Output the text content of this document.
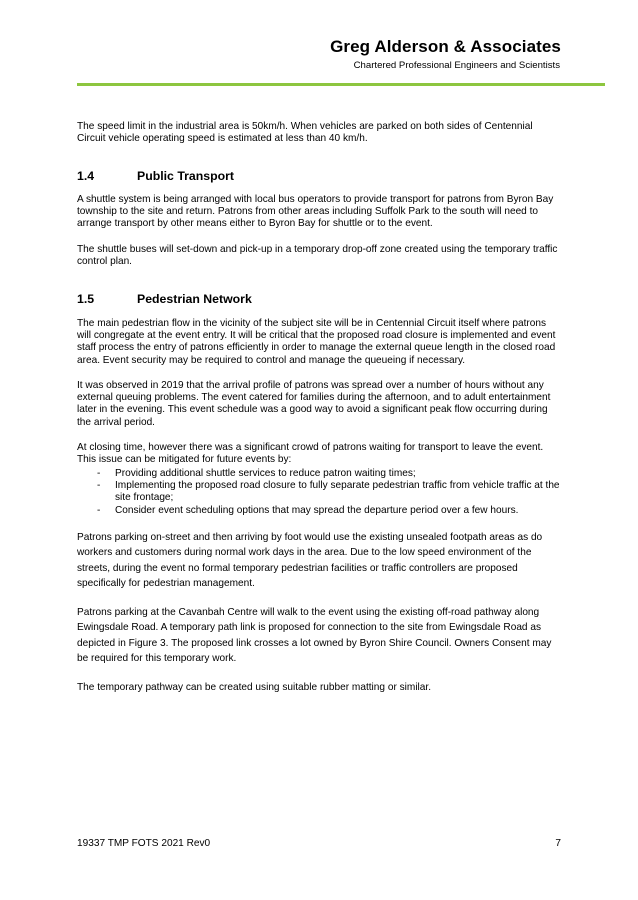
Greg Alderson & Associates
Chartered Professional Engineers and Scientists

The speed limit in the industrial area is 50km/h. When vehicles are parked on both sides of Centennial Circuit vehicle operating speed is estimated at less than 40 km/h.

1.4	Public Transport

A shuttle system is being arranged with local bus operators to provide transport for patrons from Byron Bay township to the site and return. Patrons from other areas including Suffolk Park to the south will need to arrange transport by other means either to Byron Bay for shuttle or to the event.

The shuttle buses will set-down and pick-up in a temporary drop-off zone created using the temporary traffic control plan.

1.5	Pedestrian Network

The main pedestrian flow in the vicinity of the subject site will be in Centennial Circuit itself where patrons will congregate at the event entry. It will be critical that the proposed road closure is implemented and event staff process the entry of patrons efficiently in order to manage the external queue length in the closed road area. Event security may be required to control and manage the queueing if necessary.

It was observed in 2019 that the arrival profile of patrons was spread over a number of hours without any external queuing problems. The event catered for families during the afternoon, and to adult entertainment later in the evening. This event schedule was a good way to avoid a significant peak flow occurring during the arrival period.

At closing time, however there was a significant crowd of patrons waiting for transport to leave the event. This issue can be mitigated for future events by:

- Providing additional shuttle services to reduce patron waiting times;
- Implementing the proposed road closure to fully separate pedestrian traffic from vehicle traffic at the site frontage;
- Consider event scheduling options that may spread the departure period over a few hours.

Patrons parking on-street and then arriving by foot would use the existing unsealed footpath areas as do workers and customers during normal work days in the area. Due to the low speed environment of the streets, during the event no formal temporary pedestrian facilities or traffic controllers are proposed specifically for pedestrian management.

Patrons parking at the Cavanbah Centre will walk to the event using the existing off-road pathway along Ewingsdale Road. A temporary path link is proposed for connection to the site from Ewingsdale Road as depicted in Figure 3. The proposed link crosses a lot owned by Byron Shire Council. Owners Consent may be required for this temporary work.

The temporary pathway can be created using suitable rubber matting or similar.

19337 TMP FOTS 2021 Rev0	7
